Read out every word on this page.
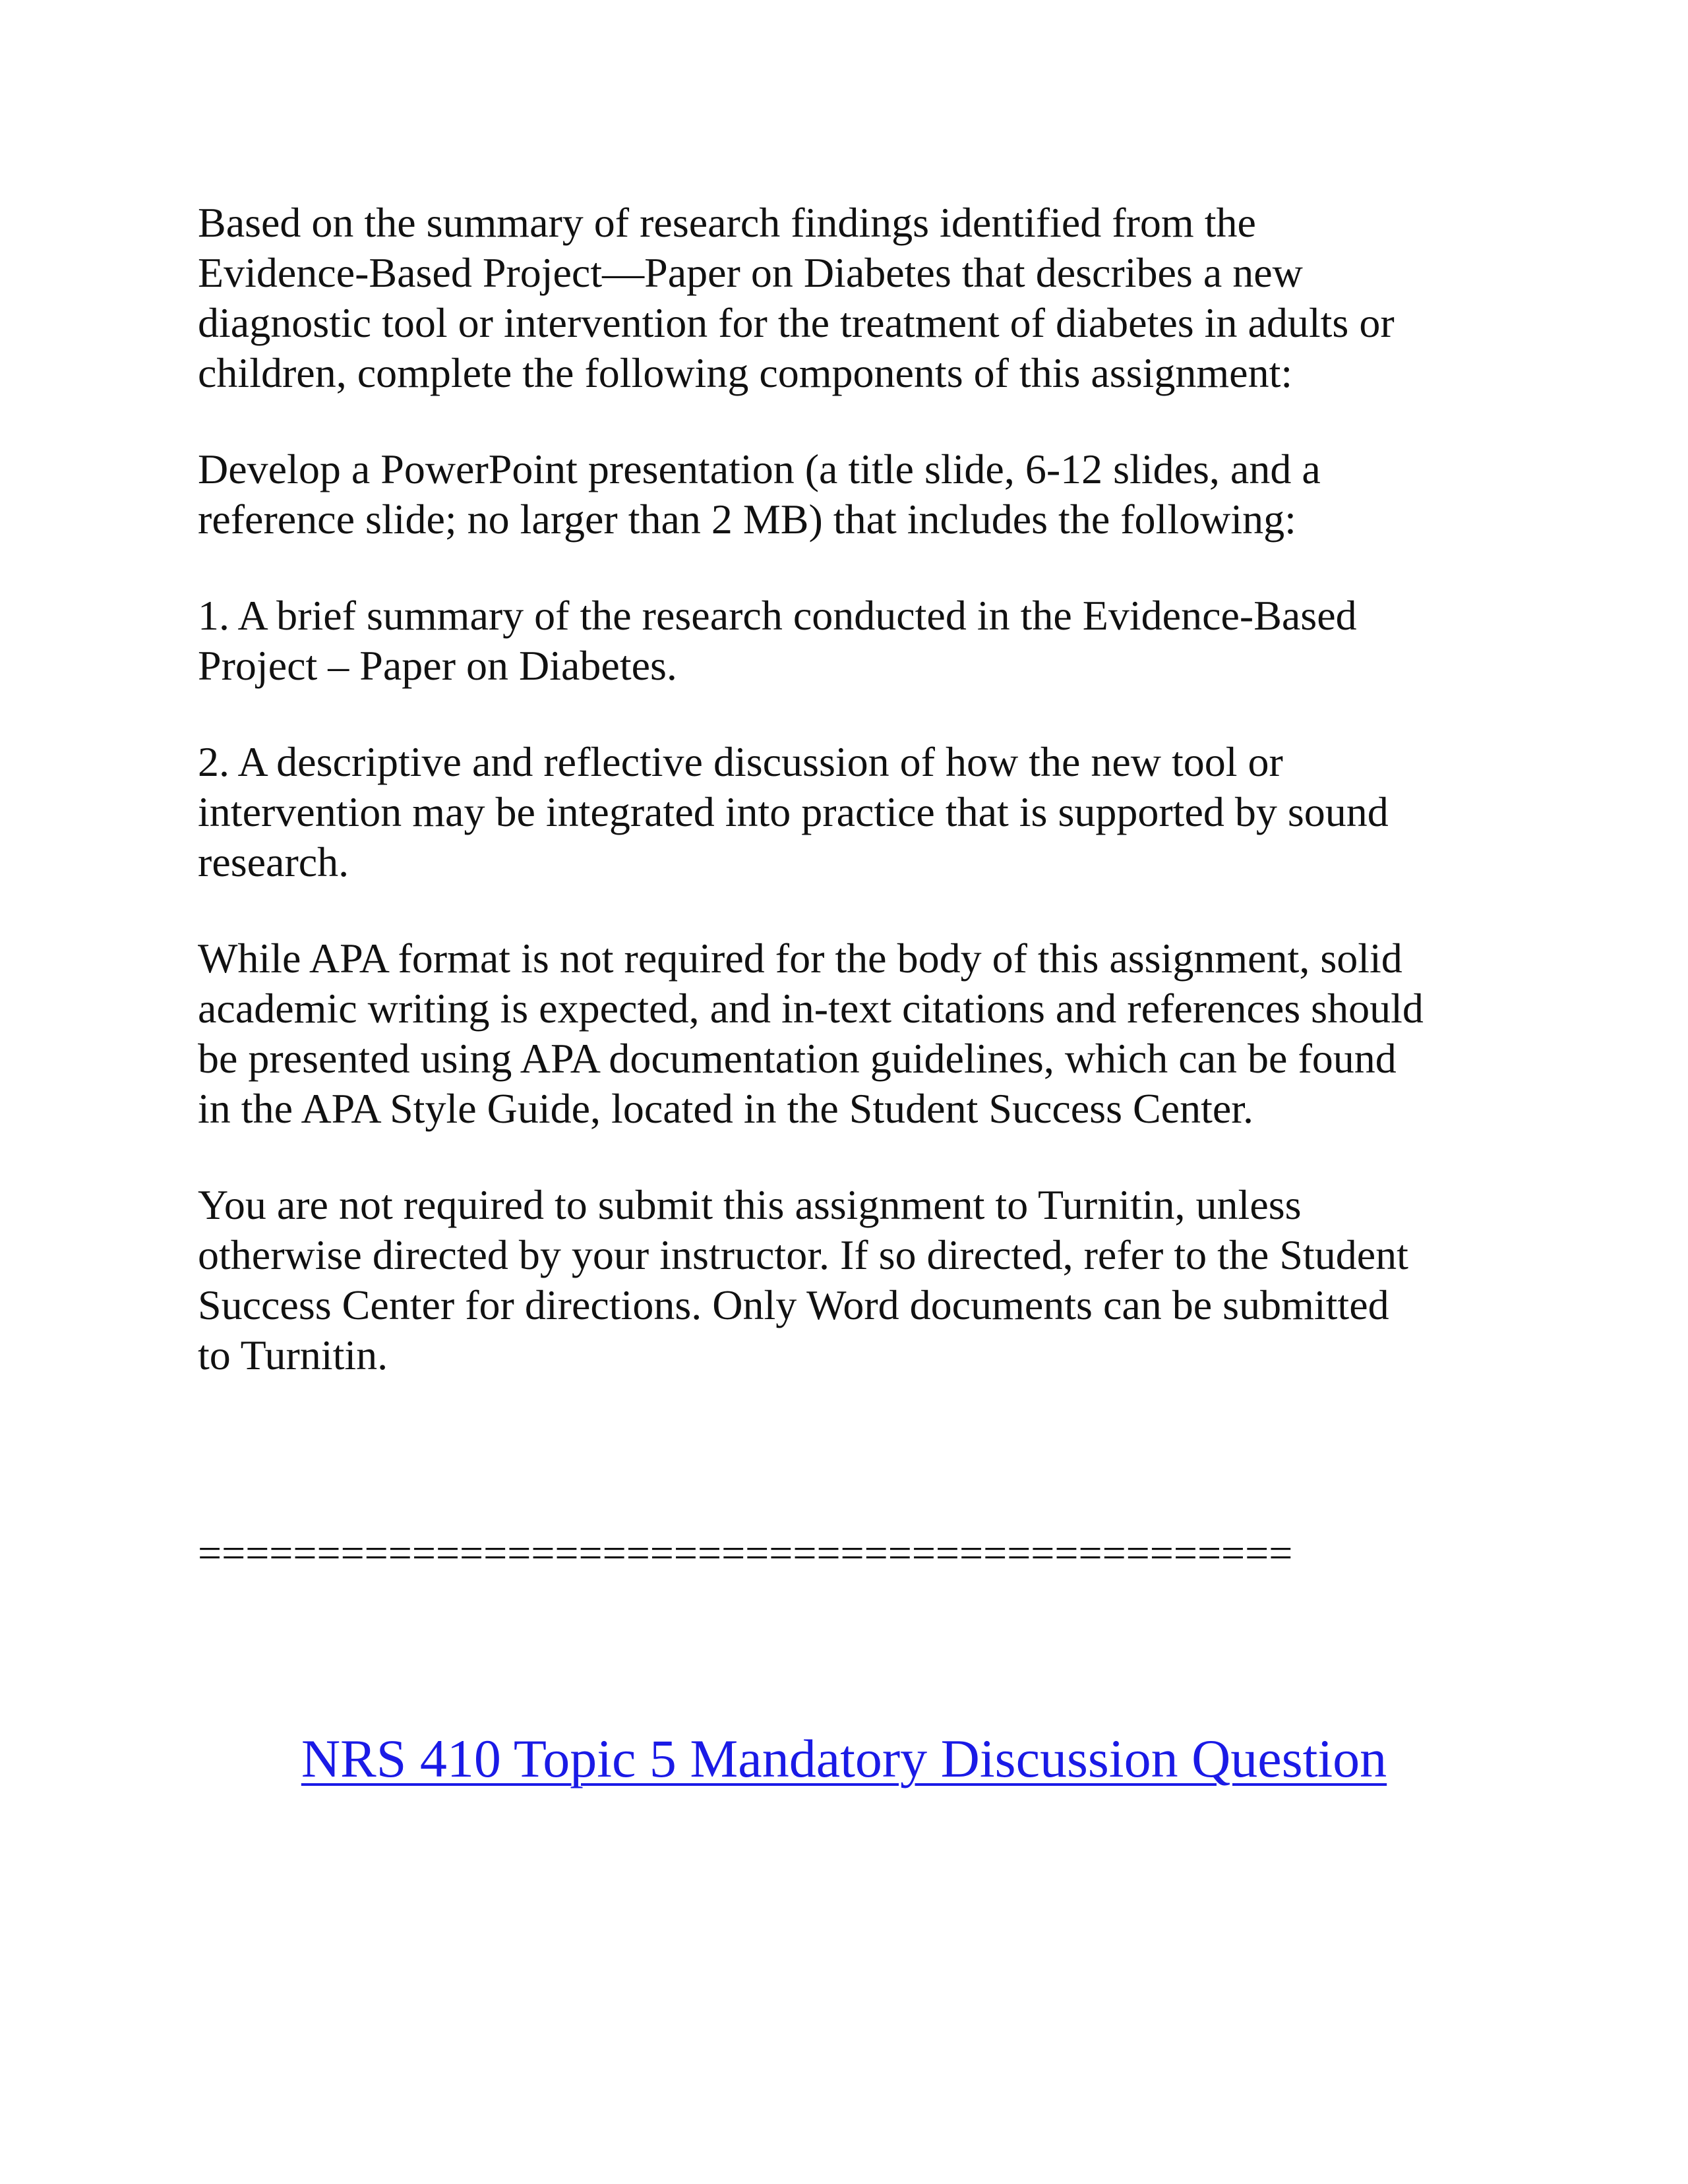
Based on the summary of research findings identified from the
Evidence-Based Project—Paper on Diabetes that describes a new
diagnostic tool or intervention for the treatment of diabetes in adults or
children, complete the following components of this assignment:

Develop a PowerPoint presentation (a title slide, 6-12 slides, and a
reference slide; no larger than 2 MB) that includes the following:

1. A brief summary of the research conducted in the Evidence-Based
Project – Paper on Diabetes.

2. A descriptive and reflective discussion of how the new tool or
intervention may be integrated into practice that is supported by sound
research.

While APA format is not required for the body of this assignment, solid
academic writing is expected, and in-text citations and references should
be presented using APA documentation guidelines, which can be found
in the APA Style Guide, located in the Student Success Center.

You are not required to submit this assignment to Turnitin, unless
otherwise directed by your instructor. If so directed, refer to the Student
Success Center for directions. Only Word documents can be submitted
to Turnitin.

==============================================
NRS 410 Topic 5 Mandatory Discussion Question
